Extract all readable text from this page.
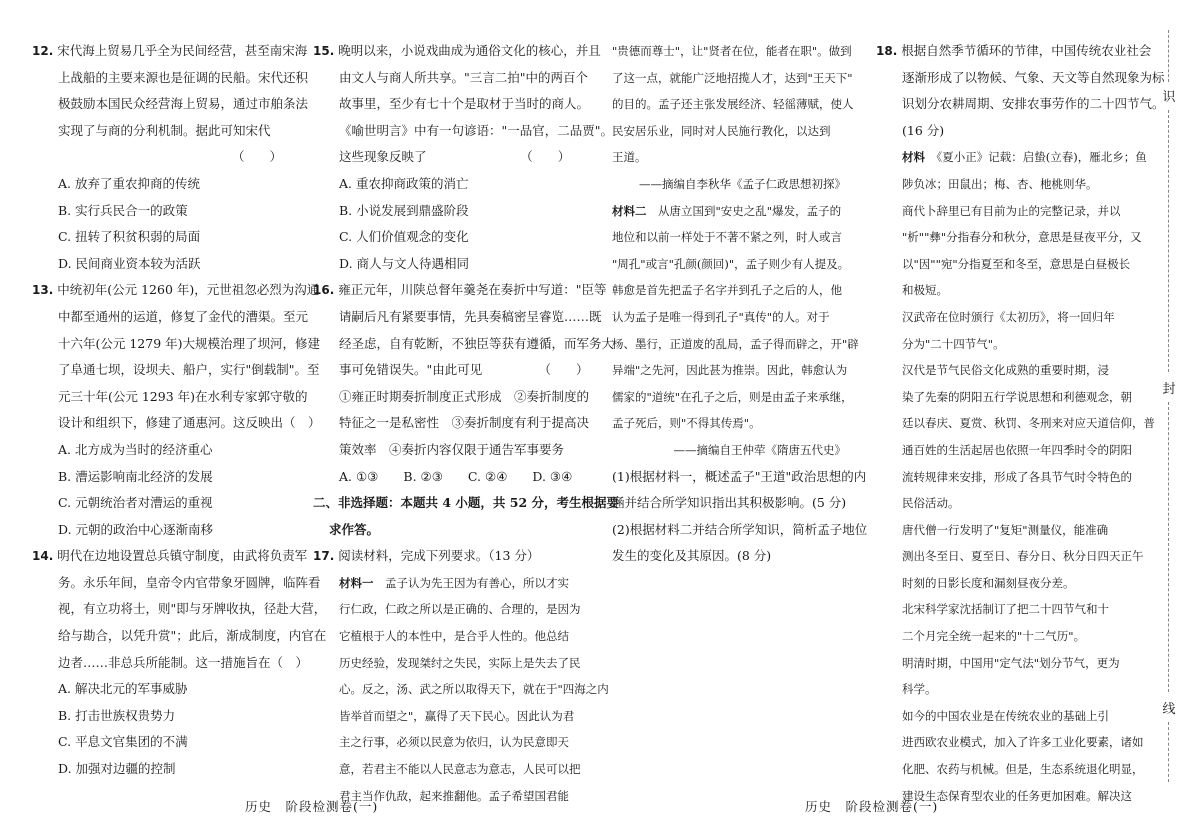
12. 宋代海上贸易几乎全为民间经营，甚至南宋海
上战船的主要来源也是征调的民船。宋代还积
极鼓励本国民众经营海上贸易，通过市舶条法
实现了与商的分利机制。据此可知宋代
（　　）
A. 放弃了重农抑商的传统
B. 实行兵民合一的政策
C. 扭转了积贫积弱的局面
D. 民间商业资本较为活跃
13. 中统初年(公元 1260 年)，元世祖忽必烈为沟通
中都至通州的运道，修复了金代的漕渠。至元
十六年(公元 1279 年)大规模治理了坝河，修建
了阜通七坝，设坝夫、船户，实行"倒载制"。至
元三十年(公元 1293 年)在水利专家郭守敬的
设计和组织下，修建了通惠河。这反映出（　）
A. 北方成为当时的经济重心
B. 漕运影响南北经济的发展
C. 元朝统治者对漕运的重视
D. 元朝的政治中心逐渐南移
14. 明代在边地设置总兵镇守制度，由武将负责军
务。永乐年间，皇帝令内官带象牙圆牌，临阵看
视，有立功将士，则"即与牙牌收执，径赴大营，
给与勘合，以凭升赏"；此后，渐成制度，内官在
边者……非总兵所能制。这一措施旨在（　）
A. 解决北元的军事威胁
B. 打击世族权贵势力
C. 平息文官集团的不满
D. 加强对边疆的控制
15. 晚明以来，小说戏曲成为通俗文化的核心，并且
由文人与商人所共享。"三言二拍"中的两百个
故事里，至少有七十个是取材于当时的商人。
《喻世明言》中有一句谚语："一品官，二品贾"。
这些现象反映了　　　　　　　　（　　）
A. 重农抑商政策的消亡
B. 小说发展到鼎盛阶段
C. 人们价值观念的变化
D. 商人与文人待遇相同
16. 雍正元年，川陕总督年羹尧在奏折中写道："臣等
请嗣后凡有紧要事情，先具奏稿密呈睿览……既
经圣虑，自有乾断，不独臣等获有遵循，而军务大
事可免错误失。"由此可见　　　　　（　　）
①雍正时期奏折制度正式形成　②奏折制度的
特征之一是私密性　③奏折制度有利于提高决
策效率　④奏折内容仅限于通告军事要务
A. ①③　　B. ②③　　C. ②④　　D. ③④
二、非选择题：本题共 4 小题，共 52 分，考生根据要
求作答。
17. 阅读材料，完成下列要求。（13 分）
材料一　孟子认为先王因为有善心，所以才实
行仁政，仁政之所以是正确的、合理的，是因为
它植根于人的本性中，是合乎人性的。他总结
历史经验，发现桀纣之失民，实际上是失去了民
心。反之，汤、武之所以取得天下，就在于"四海之内
皆举首而望之"，赢得了天下民心。因此认为君
主之行事，必须以民意为依归，认为民意即天
意，若君主不能以人民意志为意志，人民可以把
君主当作仇敌，起来推翻他。孟子希望国君能
"贵德而尊士"，让"贤者在位，能者在职"。做到
了这一点，就能广泛地招揽人才，达到"王天下"
的目的。孟子还主张发展经济、轻徭薄赋，使人
民安居乐业，同时对人民施行教化，以达到
王道。
——摘编自李秋华《孟子仁政思想初探》
材料二　从唐立国到"安史之乱"爆发，孟子的
地位和以前一样处于不著不紧之列，时人或言
"周孔"或言"孔颜(颜回)"，孟子则少有人提及。
韩愈是首先把孟子名字并到孔子之后的人，他
认为孟子是唯一得到孔子"真传"的人。对于
杨、墨行，正道废的乱局，孟子得而辟之，开"辟
异端"之先河，因此甚为推崇。因此，韩愈认为
儒家的"道统"在孔子之后，则是由孟子来承继，
孟子死后，则"不得其传焉"。
——摘编自王仲荦《隋唐五代史》
(1)根据材料一，概述孟子"王道"政治思想的内
涵并结合所学知识指出其积极影响。(5 分)
(2)根据材料二并结合所学知识，简析孟子地位
发生的变化及其原因。(8 分)
18. 根据自然季节循环的节律，中国传统农业社会
逐渐形成了以物候、气象、天文等自然现象为标
识划分农耕周期、安排农事劳作的二十四节气。
(16 分)
材料　《夏小正》记载：启蛰(立春)，雁北乡；鱼
陟负冰；田鼠出；梅、杏、杝桃则华。
商代卜辞里已有目前为止的完整记录，并以
"析""彝"分指春分和秋分，意思是昼夜平分，又
以"因""宛"分指夏至和冬至，意思是白昼极长
和极短。
汉武帝在位时颁行《太初历》，将一回归年
分为"二十四节气"。
汉代是节气民俗文化成熟的重要时期，浸
染了先秦的阴阳五行学说思想和利德观念，朝
廷以春庆、夏赏、秋罚、冬刑来对应天道信仰，普
通百姓的生活起居也依照一年四季时令的阴阳
流转规律来安排，形成了各具节气时令特色的
民俗活动。
唐代僧一行发明了"复矩"测量仪，能准确
测出冬至日、夏至日、春分日、秋分日四天正午
时刻的日影长度和漏刻昼夜分差。
北宋科学家沈括制订了把二十四节气和十
二个月完全统一起来的"十二气历"。
明清时期，中国用"定气法"划分节气，更为
科学。
如今的中国农业是在传统农业的基础上引
进西欧农业模式，加入了许多工业化要素，诸如
化肥、农药与机械。但是，生态系统退化明显，
建设生态保育型农业的任务更加困难。解决这
历史　阶段检测卷(一)	历史　阶段检测卷(一)
识
封
线
